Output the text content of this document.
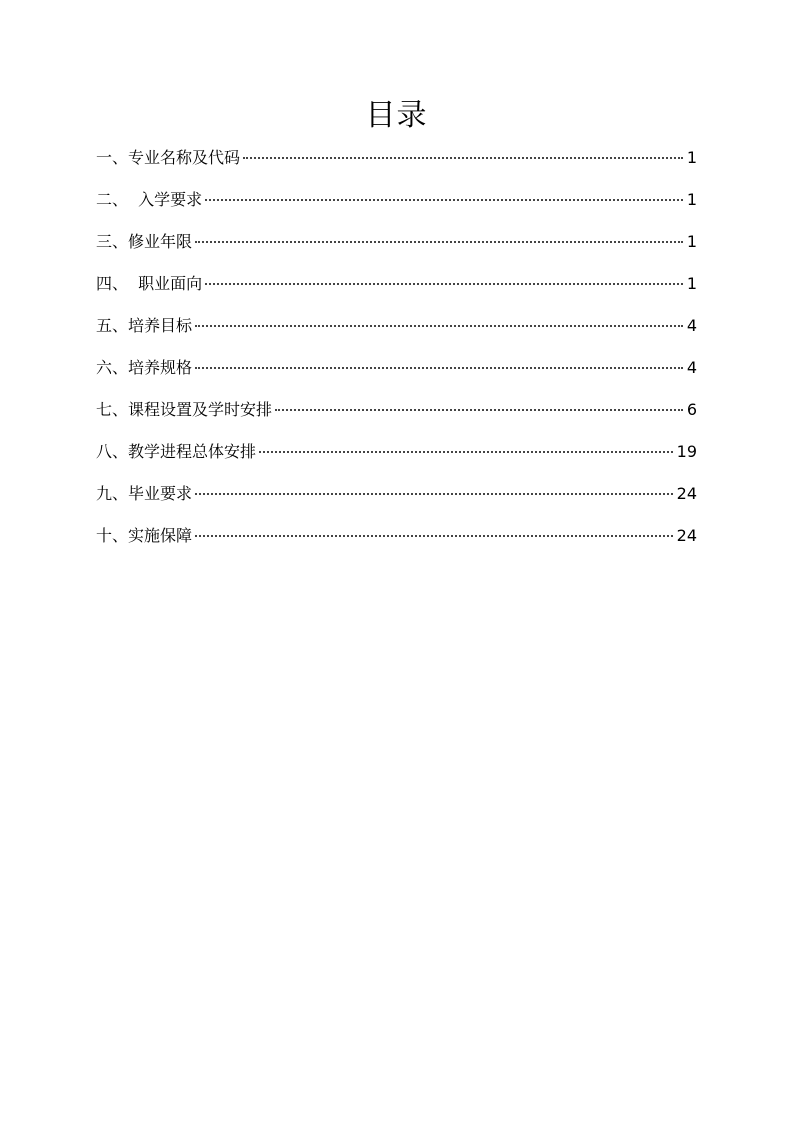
目录
一、专业名称及代码	1
二、  入学要求	1
三、修业年限	1
四、  职业面向	1
五、培养目标	4
六、培养规格	4
七、课程设置及学时安排	6
八、教学进程总体安排	19
九、毕业要求	24
十、实施保障	24
